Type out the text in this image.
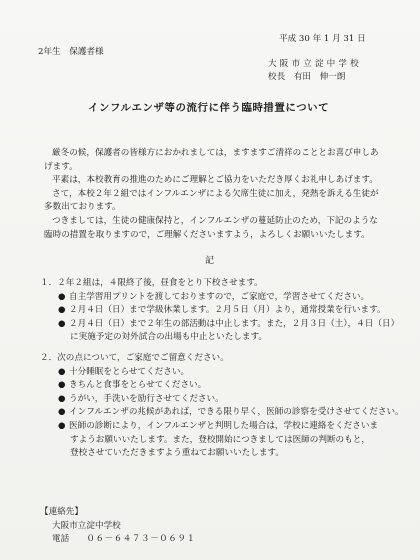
平成 30 年 1 月 31 日
2年生　保護者様
大 阪 市 立 淀 中 学 校
校長　有田　伸一朗
インフルエンザ等の流行に伴う臨時措置について
厳冬の候，保護者の皆様方におかれましては，ますますご清祥のこととお喜び申しあ
げます。
平素は，本校教育の推進のためにご理解とご協力をいただき厚くお礼申しあげます。
さて，本校２年２組ではインフルエンザによる欠席生徒に加え，発熱を訴える生徒が
多数出ております。
つきましては，生徒の健康保持と，インフルエンザの蔓延防止のため，下記のような
臨時の措置を取りますので，ご理解くださいますよう，よろしくお願いいたします。
記
１．２年２組は，４限終了後，昼食をとり下校させます。
● 自主学習用プリントを渡しておりますので，ご家庭で，学習させてください。
● ２月４日（日）まで学級休業します。２月５日（月）より，通常授業を行います。
● ２月４日（日）まで２年生の部活動は中止します。また，２月３日（土），４日（日）
に実施予定の対外試合の出場も中止といたします。
２．次の点について，ご家庭でご留意ください。
● 十分睡眠をとらせてください。
● きちんと食事をとらせてください。
● うがい，手洗いを励行させてください。
● インフルエンザの兆候があれば，できる限り早く，医師の診察を受けさせてください。
● 医師の診断により，インフルエンザと判明した場合は，学校に連絡をくださいま
すようお願いいたします。また，登校開始につきましては医師の判断のもと，
登校させていただきますよう重ねてお願いいたします。
【連絡先】
大阪市立淀中学校
電話　　 ０６－６４７３－０６９１
